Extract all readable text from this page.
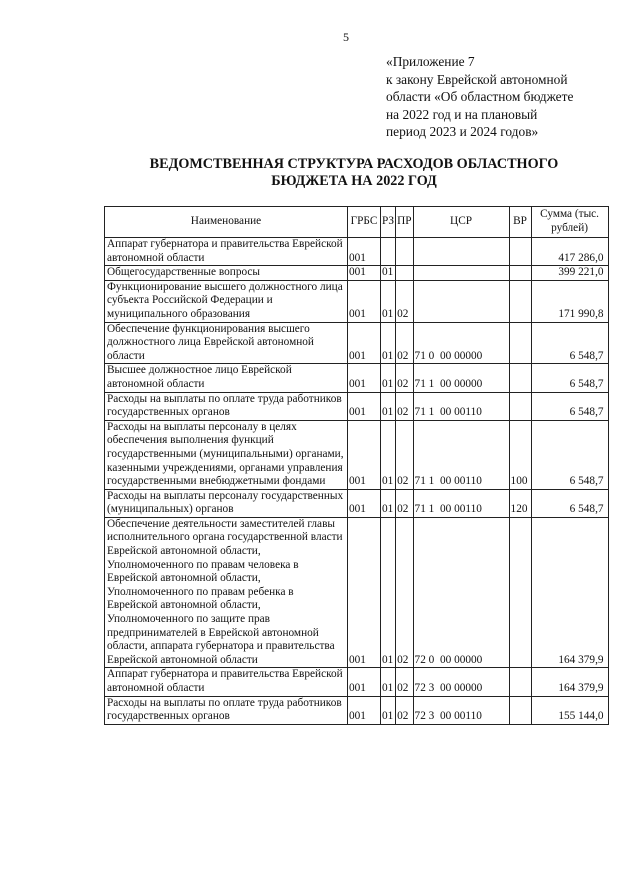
5
«Приложение 7
к закону Еврейской автономной
области «Об областном бюджете
на 2022 год и на плановый
период 2023 и 2024 годов»
ВЕДОМСТВЕННАЯ СТРУКТУРА РАСХОДОВ ОБЛАСТНОГО
БЮДЖЕТА НА 2022 ГОД
Наименование	ГРБС	РЗ	ПР	ЦСР	ВР	Сумма (тыс. рублей)
Аппарат губернатора и правительства Еврейской автономной области	001					417 286,0
Общегосударственные вопросы	001	01				399 221,0
Функционирование высшего должностного лица субъекта Российской Федерации и муниципального образования	001	01	02			171 990,8
Обеспечение функционирования высшего должностного лица Еврейской автономной области	001	01	02	71 0  00 00000		6 548,7
Высшее должностное лицо Еврейской автономной области	001	01	02	71 1  00 00000		6 548,7
Расходы на выплаты по оплате труда работников государственных органов	001	01	02	71 1  00 00110		6 548,7
Расходы на выплаты персоналу в целях обеспечения выполнения функций государственными (муниципальными) органами, казенными учреждениями, органами управления государственными внебюджетными фондами	001	01	02	71 1  00 00110	100	6 548,7
Расходы на выплаты персоналу государственных (муниципальных) органов	001	01	02	71 1  00 00110	120	6 548,7
Обеспечение деятельности заместителей главы исполнительного органа государственной власти Еврейской автономной области, Уполномоченного по правам человека в Еврейской автономной области, Уполномоченного по правам ребенка в Еврейской автономной области, Уполномоченного по защите прав предпринимателей в Еврейской автономной области, аппарата губернатора и правительства Еврейской автономной области	001	01	02	72 0  00 00000		164 379,9
Аппарат губернатора и правительства Еврейской автономной области	001	01	02	72 3  00 00000		164 379,9
Расходы на выплаты по оплате труда работников государственных органов	001	01	02	72 3  00 00110		155 144,0
